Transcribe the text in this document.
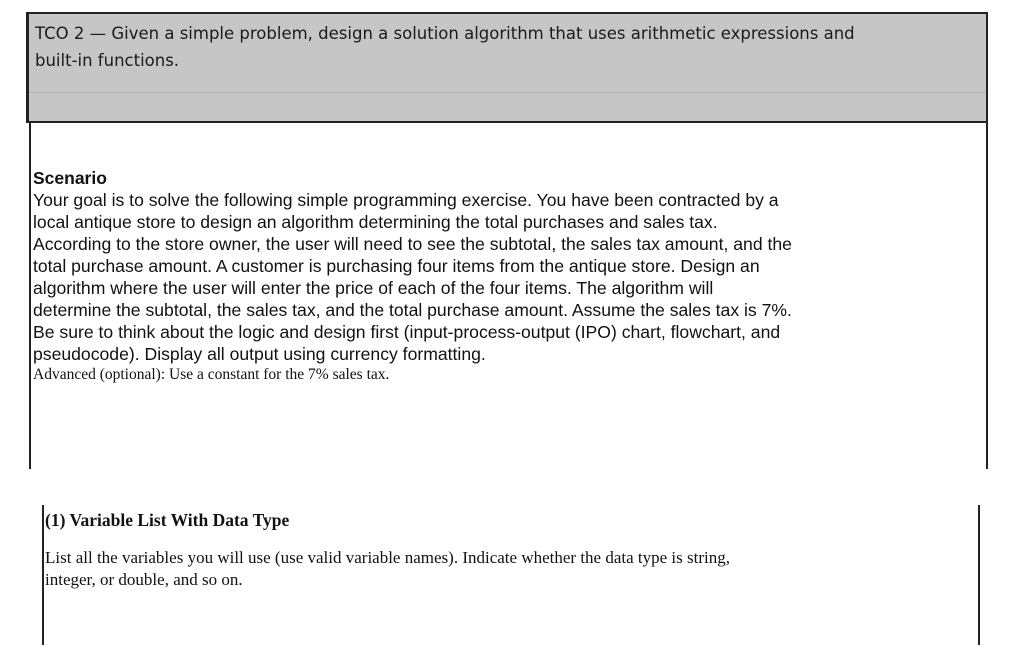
TCO 2 — Given a simple problem, design a solution algorithm that uses arithmetic expressions and
built-in functions.

Scenario

Your goal is to solve the following simple programming exercise. You have been contracted by a
local antique store to design an algorithm determining the total purchases and sales tax.
According to the store owner, the user will need to see the subtotal, the sales tax amount, and the
total purchase amount. A customer is purchasing four items from the antique store. Design an
algorithm where the user will enter the price of each of the four items. The algorithm will
determine the subtotal, the sales tax, and the total purchase amount. Assume the sales tax is 7%.
Be sure to think about the logic and design first (input-process-output (IPO) chart, flowchart, and
pseudocode). Display all output using currency formatting.

Advanced (optional): Use a constant for the 7% sales tax.

(1) Variable List With Data Type

List all the variables you will use (use valid variable names). Indicate whether the data type is string,
integer, or double, and so on.
